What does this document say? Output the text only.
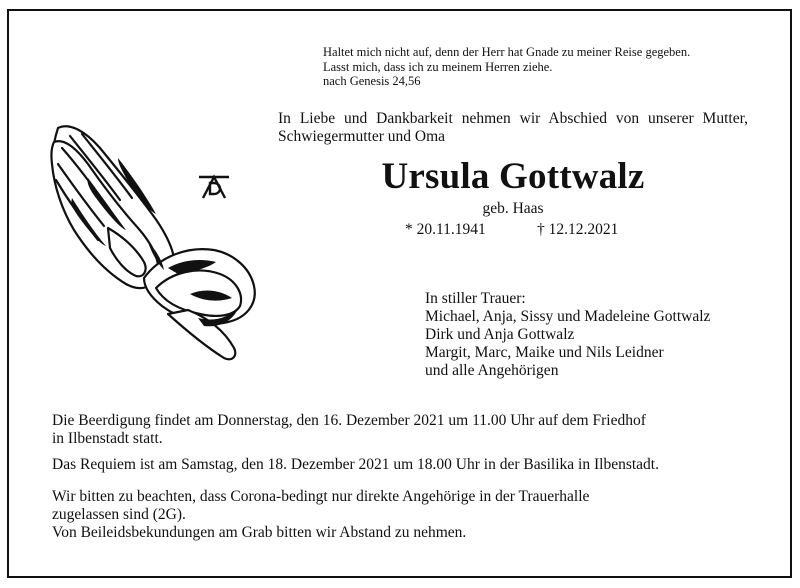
Haltet mich nicht auf, denn der Herr hat Gnade zu meiner Reise gegeben.
Lasst mich, dass ich zu meinem Herren ziehe.
nach Genesis 24,56
In Liebe und Dankbarkeit nehmen wir Abschied von unserer Mutter, Schwiegermutter und Oma
Ursula Gottwalz
geb. Haas
* 20.11.1941	† 12.12.2021
In stiller Trauer:
Michael, Anja, Sissy und Madeleine Gottwalz
Dirk und Anja Gottwalz
Margit, Marc, Maike und Nils Leidner
und alle Angehörigen

Die Beerdigung findet am Donnerstag, den 16. Dezember 2021 um 11.00 Uhr auf dem Friedhof

in Ilbenstadt statt.

Das Requiem ist am Samstag, den 18. Dezember 2021 um 18.00 Uhr in der Basilika in Ilbenstadt.

Wir bitten zu beachten, dass Corona-bedingt nur direkte Angehörige in der Trauerhalle

zugelassen sind (2G).

Von Beileidsbekundungen am Grab bitten wir Abstand zu nehmen.
